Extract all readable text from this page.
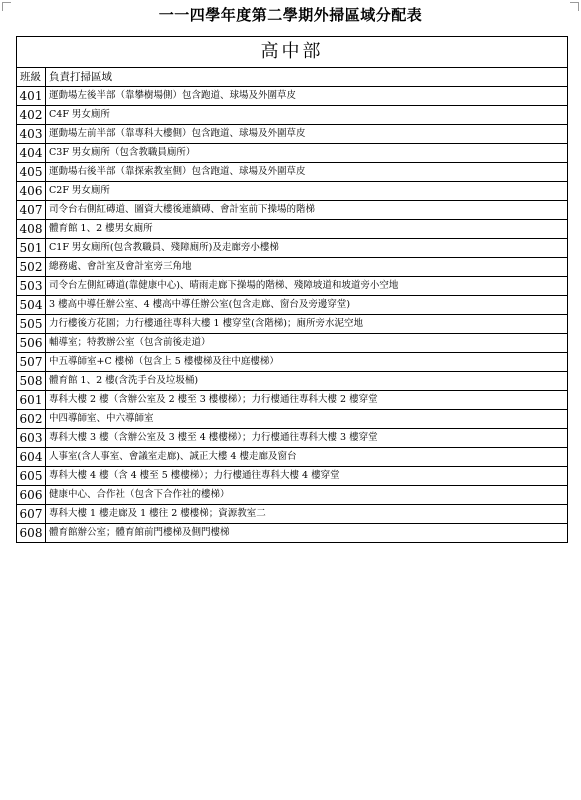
一一四學年度第二學期外掃區域分配表
高中部	
班級	負責打掃區域
401	運動場左後半部（靠攀樹場側）包含跑道、球場及外圍草皮
402	C4F 男女廁所
403	運動場左前半部（靠專科大樓側）包含跑道、球場及外圍草皮
404	C3F 男女廁所（包含教職員廁所）
405	運動場右後半部（靠探索教室側）包含跑道、球場及外圍草皮
406	C2F 男女廁所
407	司令台右側紅磚道、圖資大樓後連續磚、會計室前下操場的階梯
408	體育館 1、2 樓男女廁所
501	C1F 男女廁所(包含教職員、殘障廁所)及走廊旁小樓梯
502	總務處、會計室及會計室旁三角地
503	司令台左側紅磚道(靠健康中心)、晴雨走廊下操場的階梯、殘障坡道和坡道旁小空地
504	3 樓高中導任辦公室、4 樓高中導任辦公室(包含走廊、窗台及旁邊穿堂)
505	力行樓後方花園；力行樓通往專科大樓 1 樓穿堂(含階梯)；廁所旁水泥空地
506	輔導室；特教辦公室（包含前後走道）
507	中五導師室+C 樓梯（包含上 5 樓樓梯及往中庭樓梯）
508	體育館 1、2 樓(含洗手台及垃圾桶)
601	專科大樓 2 樓（含辦公室及 2 樓至 3 樓樓梯）；力行樓通往專科大樓 2 樓穿堂
602	中四導師室、中六導師室
603	專科大樓 3 樓（含辦公室及 3 樓至 4 樓樓梯）；力行樓通往專科大樓 3 樓穿堂
604	人事室(含人事室、會議室走廊)、誠正大樓 4 樓走廊及窗台
605	專科大樓 4 樓（含 4 樓至 5 樓樓梯）；力行樓通往專科大樓 4 樓穿堂
606	健康中心、合作社（包含下合作社的樓梯）
607	專科大樓 1 樓走廊及 1 樓往 2 樓樓梯；資源教室二
608	體育館辦公室；體育館前門樓梯及側門樓梯
